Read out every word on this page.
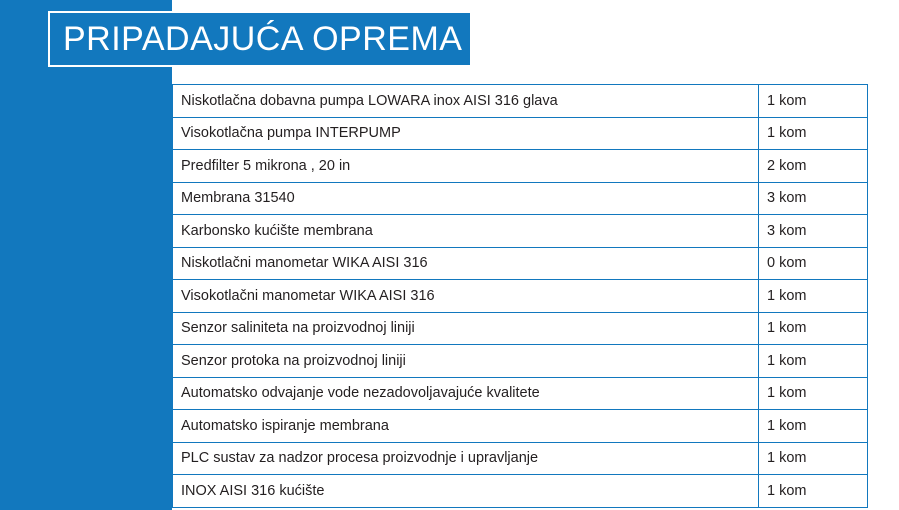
PRIPADAJUĆA OPREMA
Niskotlačna dobavna pumpa LOWARA inox AISI 316 glava	1 kom
Visokotlačna pumpa INTERPUMP	1 kom
Predfilter 5 mikrona , 20 in	2 kom
Membrana 31540	3 kom
Karbonsko kućište membrana	3 kom
Niskotlačni manometar WIKA AISI 316	0 kom
Visokotlačni manometar WIKA AISI 316	1 kom
Senzor saliniteta na proizvodnoj liniji	1 kom
Senzor protoka na proizvodnoj liniji	1 kom
Automatsko odvajanje vode nezadovoljavajuće kvalitete	1 kom
Automatsko ispiranje membrana	1 kom
PLC sustav za nadzor procesa proizvodnje i upravljanje	1 kom
INOX AISI 316 kućište	1 kom
